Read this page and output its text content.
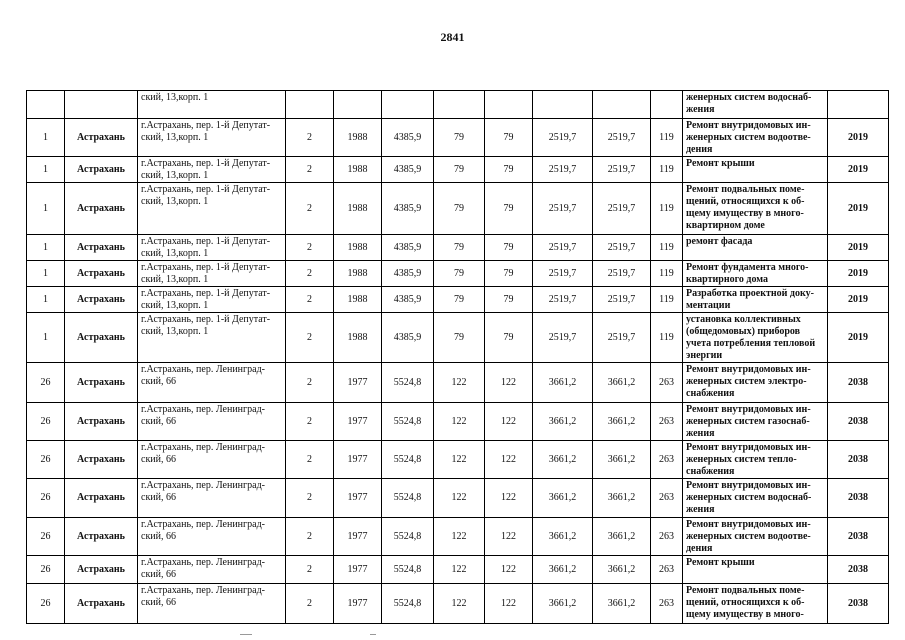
2841

		ский, 13,корп. 1									женерных систем водоснаб-
жения	

1	Астрахань	г.Астрахань, пер. 1-й Депутат-
ский, 13,корп. 1	2	1988	4385,9	79	79	2519,7	2519,7	119	Ремонт внутридомовых ин-
женерных систем водоотве-
дения	2019
1	Астрахань	г.Астрахань, пер. 1-й Депутат-
ский, 13,корп. 1	2	1988	4385,9	79	79	2519,7	2519,7	119	Ремонт крыши	2019
1	Астрахань	г.Астрахань, пер. 1-й Депутат-
ский, 13,корп. 1	2	1988	4385,9	79	79	2519,7	2519,7	119	Ремонт подвальных поме-
щений, относящихся к об-
щему имуществу в много-
квартирном доме	2019
1	Астрахань	г.Астрахань, пер. 1-й Депутат-
ский, 13,корп. 1	2	1988	4385,9	79	79	2519,7	2519,7	119	ремонт фасада	2019
1	Астрахань	г.Астрахань, пер. 1-й Депутат-
ский, 13,корп. 1	2	1988	4385,9	79	79	2519,7	2519,7	119	Ремонт фундамента много-
квартирного дома	2019
1	Астрахань	г.Астрахань, пер. 1-й Депутат-
ский, 13,корп. 1	2	1988	4385,9	79	79	2519,7	2519,7	119	Разработка проектной доку-
ментации	2019
1	Астрахань	г.Астрахань, пер. 1-й Депутат-
ский, 13,корп. 1	2	1988	4385,9	79	79	2519,7	2519,7	119	установка коллективных
(общедомовых) приборов
учета потребления тепловой
энергии	2019
26	Астрахань	г.Астрахань, пер. Ленинград-
ский, 66	2	1977	5524,8	122	122	3661,2	3661,2	263	Ремонт внутридомовых ин-
женерных систем электро-
снабжения	2038
26	Астрахань	г.Астрахань, пер. Ленинград-
ский, 66	2	1977	5524,8	122	122	3661,2	3661,2	263	Ремонт внутридомовых ин-
женерных систем газоснаб-
жения	2038
26	Астрахань	г.Астрахань, пер. Ленинград-
ский, 66	2	1977	5524,8	122	122	3661,2	3661,2	263	Ремонт внутридомовых ин-
женерных систем тепло-
снабжения	2038
26	Астрахань	г.Астрахань, пер. Ленинград-
ский, 66	2	1977	5524,8	122	122	3661,2	3661,2	263	Ремонт внутридомовых ин-
женерных систем водоснаб-
жения	2038
26	Астрахань	г.Астрахань, пер. Ленинград-
ский, 66	2	1977	5524,8	122	122	3661,2	3661,2	263	Ремонт внутридомовых ин-
женерных систем водоотве-
дения	2038
26	Астрахань	г.Астрахань, пер. Ленинград-
ский, 66	2	1977	5524,8	122	122	3661,2	3661,2	263	Ремонт крыши	2038
26	Астрахань	г.Астрахань, пер. Ленинград-
ский, 66	2	1977	5524,8	122	122	3661,2	3661,2	263	Ремонт подвальных поме-
щений, относящихся к об-
щему имуществу в много-	2038
